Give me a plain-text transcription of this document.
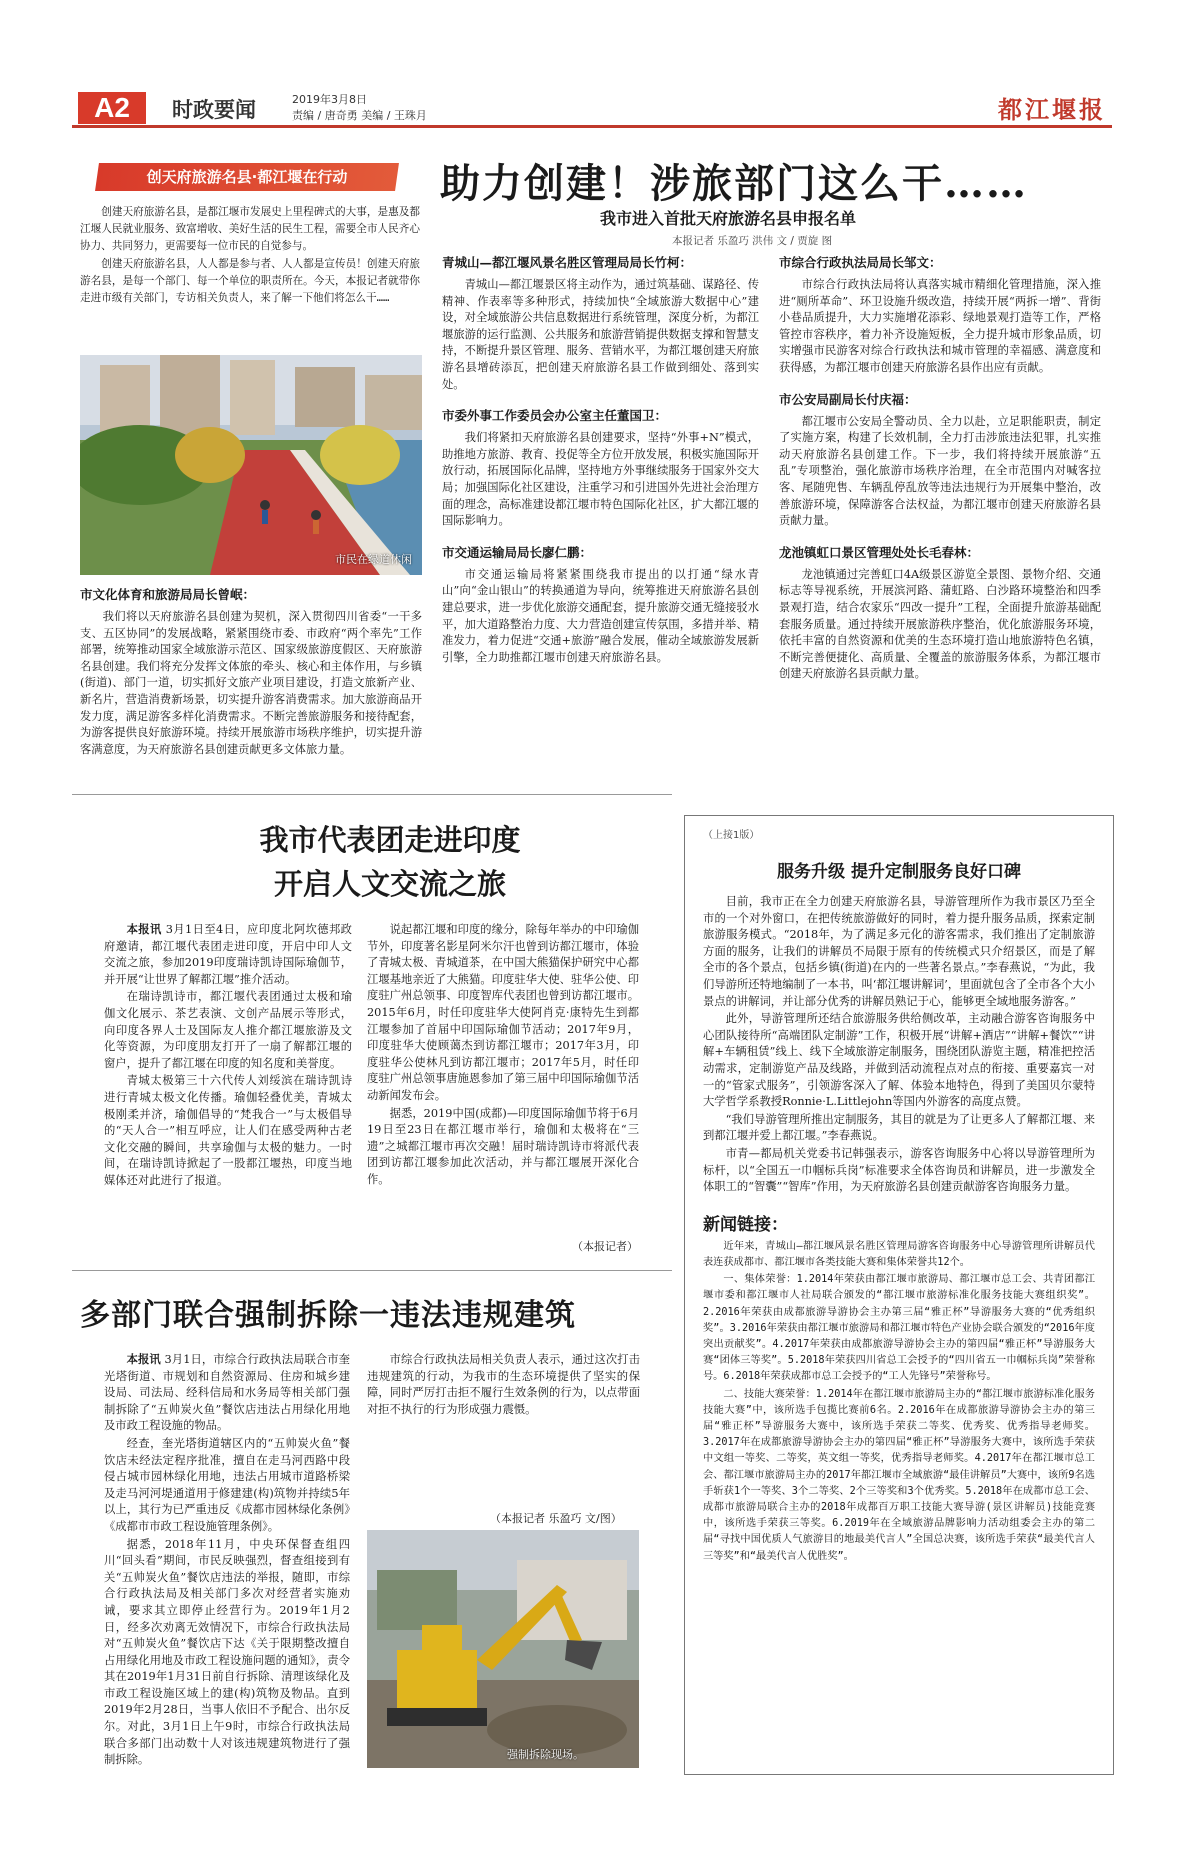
A2	时政要闻	2019年3月8日
责编 / 唐奇勇 美编 / 王珠月	都江堰报
创天府旅游名县·都江堰在行动

创建天府旅游名县，是都江堰市发展史上里程碑式的大事，是惠及都江堰人民就业服务、致富增收、美好生活的民生工程，需要全市人民齐心协力、共同努力，更需要每一位市民的自觉参与。

创建天府旅游名县，人人都是参与者、人人都是宣传员！创建天府旅游名县，是每一个部门、每一个单位的职责所在。今天，本报记者就带你走进市级有关部门，专访相关负责人，来了解一下他们将怎么干……

市民在绿道休闲
助力创建！涉旅部门这么干……
我市进入首批天府旅游名县申报名单
本报记者 乐盈巧 洪伟 文 / 贾旋 图
市文化体育和旅游局局长曾岷：

我们将以天府旅游名县创建为契机，深入贯彻四川省委“一干多支、五区协同”的发展战略，紧紧围绕市委、市政府“两个率先”工作部署，统筹推动国家全域旅游示范区、国家级旅游度假区、天府旅游名县创建。我们将充分发挥文体旅的牵头、核心和主体作用，与乡镇(街道)、部门一道，切实抓好文旅产业项目建设，打造文旅新产业、新名片，营造消费新场景，切实提升游客消费需求。加大旅游商品开发力度，满足游客多样化消费需求。不断完善旅游服务和接待配套，为游客提供良好旅游环境。持续开展旅游市场秩序维护，切实提升游客满意度，为天府旅游名县创建贡献更多文体旅力量。

青城山—都江堰风景名胜区管理局局长竹柯：

青城山—都江堰景区将主动作为，通过筑基础、谋路径、传精神、作表率等多种形式，持续加快“全域旅游大数据中心”建设，对全域旅游公共信息数据进行系统管理，深度分析，为都江堰旅游的运行监测、公共服务和旅游营销提供数据支撑和智慧支持，不断提升景区管理、服务、营销水平，为都江堰创建天府旅游名县增砖添瓦，把创建天府旅游名县工作做到细处、落到实处。

市委外事工作委员会办公室主任董国卫：

我们将紧扣天府旅游名县创建要求，坚持“外事+N”模式，助推地方旅游、教育、投促等全方位开放发展，积极实施国际开放行动，拓展国际化品牌，坚持地方外事继续服务于国家外交大局；加强国际化社区建设，注重学习和引进国外先进社会治理方面的理念，高标准建设都江堰市特色国际化社区，扩大都江堰的国际影响力。

市交通运输局局长廖仁鹏：

市交通运输局将紧紧围绕我市提出的以打通“绿水青山”向“金山银山”的转换通道为导向，统筹推进天府旅游名县创建总要求，进一步优化旅游交通配套，提升旅游交通无缝接驳水平，加大道路整治力度、大力营造创建宣传氛围，多措并举、精准发力，着力促进“交通+旅游”融合发展，催动全域旅游发展新引擎，全力助推都江堰市创建天府旅游名县。

市综合行政执法局局长邹文：

市综合行政执法局将认真落实城市精细化管理措施，深入推进“厕所革命”、环卫设施升级改造，持续开展“两拆一增”、背街小巷品质提升，大力实施增花添彩、绿地景观打造等工作，严格管控市容秩序，着力补齐设施短板，全力提升城市形象品质，切实增强市民游客对综合行政执法和城市管理的幸福感、满意度和获得感，为都江堰市创建天府旅游名县作出应有贡献。

市公安局副局长付庆福：

都江堰市公安局全警动员、全力以赴，立足职能职责，制定了实施方案，构建了长效机制，全力打击涉旅违法犯罪，扎实推动天府旅游名县创建工作。下一步，我们将持续开展旅游“五乱”专项整治，强化旅游市场秩序治理，在全市范围内对喊客拉客、尾随兜售、车辆乱停乱放等违法违规行为开展集中整治，改善旅游环境，保障游客合法权益，为都江堰市创建天府旅游名县贡献力量。

龙池镇虹口景区管理处处长毛春林：

龙池镇通过完善虹口4A级景区游览全景图、景物介绍、交通标志等导视系统，开展滨河路、蒲虹路、白沙路环境整治和四季景观打造，结合农家乐“四改一提升”工程，全面提升旅游基础配套服务质量。通过持续开展旅游秩序整治，优化旅游服务环境，依托丰富的自然资源和优美的生态环境打造山地旅游特色名镇，不断完善便捷化、高质量、全覆盖的旅游服务体系，为都江堰市创建天府旅游名县贡献力量。

我市代表团走进印度
开启人文交流之旅

本报讯 3月1日至4日，应印度北阿坎德邦政府邀请，都江堰代表团走进印度，开启中印人文交流之旅，参加2019印度瑞诗凯诗国际瑜伽节，并开展“让世界了解都江堰”推介活动。

在瑞诗凯诗市，都江堰代表团通过太极和瑜伽文化展示、茶艺表演、文创产品展示等形式，向印度各界人士及国际友人推介都江堰旅游及文化等资源，为印度朋友打开了一扇了解都江堰的窗户，提升了都江堰在印度的知名度和美誉度。

青城太极第三十六代传人刘绥滨在瑞诗凯诗进行青城太极文化传播。瑜伽轻叠优美，青城太极刚柔并济，瑜伽倡导的“梵我合一”与太极倡导的“天人合一”相互呼应，让人们在感受两种古老文化交融的瞬间，共享瑜伽与太极的魅力。一时间，在瑞诗凯诗掀起了一股都江堰热，印度当地媒体还对此进行了报道。

说起都江堰和印度的缘分，除每年举办的中印瑜伽节外，印度著名影星阿米尔汗也曾到访都江堰市，体验了青城太极、青城道茶，在中国大熊猫保护研究中心都江堰基地亲近了大熊猫。印度驻华大使、驻华公使、印度驻广州总领事、印度智库代表团也曾到访都江堰市。2015年6月，时任印度驻华大使阿肖克·康特先生到都江堰参加了首届中印国际瑜伽节活动；2017年9月，印度驻华大使顾蔼杰到访都江堰市；2017年3月，印度驻华公使林凡到访都江堰市；2017年5月，时任印度驻广州总领事唐施恩参加了第三届中印国际瑜伽节活动新闻发布会。

据悉，2019中国(成都)—印度国际瑜伽节将于6月19日至23日在都江堰市举行，瑜伽和太极将在“三遗”之城都江堰市再次交融！届时瑞诗凯诗市将派代表团到访都江堰参加此次活动，并与都江堰展开深化合作。

（本报记者）
多部门联合强制拆除一违法违规建筑

本报讯 3月1日，市综合行政执法局联合市奎光塔街道、市规划和自然资源局、住房和城乡建设局、司法局、经科信局和水务局等相关部门强制拆除了“五帅炭火鱼”餐饮店违法占用绿化用地及市政工程设施的物品。

经查，奎光塔街道辖区内的“五帅炭火鱼”餐饮店未经法定程序批准，擅自在走马河西路中段侵占城市园林绿化用地，违法占用城市道路桥梁及走马河河堤通道用于修建建(构)筑物并持续5年以上，其行为已严重违反《成都市园林绿化条例》《成都市市政工程设施管理条例》。

据悉，2018年11月，中央环保督查组四川“回头看”期间，市民反映强烈，督查组接到有关“五帅炭火鱼”餐饮店违法的举报，随即，市综合行政执法局及相关部门多次对经营者实施劝诫，要求其立即停止经营行为。2019年1月2日，经多次劝离无效情况下，市综合行政执法局对“五帅炭火鱼”餐饮店下达《关于限期整改擅自占用绿化用地及市政工程设施问题的通知》，责令其在2019年1月31日前自行拆除、清理该绿化及市政工程设施区域上的建(构)筑物及物品。直到2019年2月28日，当事人依旧不予配合、出尔反尔。对此，3月1日上午9时，市综合行政执法局联合多部门出动数十人对该违规建筑物进行了强制拆除。

市综合行政执法局相关负责人表示，通过这次打击违规建筑的行动，为我市的生态环境提供了坚实的保障，同时严厉打击拒不履行生效条例的行为，以点带面对拒不执行的行为形成强力震慑。

（本报记者 乐盈巧 文/图）
强制拆除现场。
（上接1版）
服务升级 提升定制服务良好口碑

目前，我市正在全力创建天府旅游名县，导游管理所作为我市景区乃至全市的一个对外窗口，在把传统旅游做好的同时，着力提升服务品质，探索定制旅游服务模式。“2018年，为了满足多元化的游客需求，我们推出了定制旅游方面的服务，让我们的讲解员不局限于原有的传统模式只介绍景区，而是了解全市的各个景点，包括乡镇(街道)在内的一些著名景点。”李春燕说，“为此，我们导游所还特地编制了一本书，叫‘都江堰讲解词’，里面就包含了全市各个大小景点的讲解词，并让部分优秀的讲解员熟记于心，能够更全域地服务游客。”

此外，导游管理所还结合旅游服务供给侧改革，主动融合游客咨询服务中心团队接待所“高端团队定制游”工作，积极开展“讲解+酒店”“讲解+餐饮”“讲解+车辆租赁”线上、线下全域旅游定制服务，围绕团队游览主题，精准把控活动需求，定制游览产品及线路，并做到活动流程点对点的衔接、重要嘉宾一对一的“管家式服务”，引领游客深入了解、体验本地特色，得到了美国贝尔蒙特大学哲学系教授Ronnie·L.Littlejohn等国内外游客的高度点赞。

“我们导游管理所推出定制服务，其目的就是为了让更多人了解都江堰、来到都江堰并爱上都江堰。”李春燕说。

市青—都局机关党委书记韩强表示，游客咨询服务中心将以导游管理所为标杆，以“全国五一巾帼标兵岗”标准要求全体咨询员和讲解员，进一步激发全体职工的“智囊”“智库”作用，为天府旅游名县创建贡献游客咨询服务力量。

新闻链接：

近年来，青城山—都江堰风景名胜区管理局游客咨询服务中心导游管理所讲解员代表连获成都市、都江堰市各类技能大赛和集体荣誉共12个。

一、集体荣誉：1.2014年荣获由都江堰市旅游局、都江堰市总工会、共青团都江堰市委和都江堰市人社局联合颁发的“都江堰市旅游标准化服务技能大赛组织奖”。2.2016年荣获由成都旅游导游协会主办第三届“雅正杯”导游服务大赛的“优秀组织奖”。3.2016年荣获由都江堰市旅游局和都江堰市特色产业协会联合颁发的“2016年度突出贡献奖”。4.2017年荣获由成都旅游导游协会主办的第四届“雅正杯”导游服务大赛“团体三等奖”。5.2018年荣获四川省总工会授予的“四川省五一巾帼标兵岗”荣誉称号。6.2018年荣获成都市总工会授予的“工人先锋号”荣誉称号。

二、技能大赛荣誉：1.2014年在都江堰市旅游局主办的“都江堰市旅游标准化服务技能大赛”中，该所选手包揽比赛前6名。2.2016年在成都旅游导游协会主办的第三届“雅正杯”导游服务大赛中，该所选手荣获二等奖、优秀奖、优秀指导老师奖。3.2017年在成都旅游导游协会主办的第四届“雅正杯”导游服务大赛中，该所选手荣获中文组一等奖、二等奖，英文组一等奖，优秀指导老师奖。4.2017年在都江堰市总工会、都江堰市旅游局主办的2017年都江堰市全域旅游“最佳讲解员”大赛中，该所9名选手斩获1个一等奖、3个二等奖、2个三等奖和3个优秀奖。5.2018年在成都市总工会、成都市旅游局联合主办的2018年成都百万职工技能大赛导游(景区讲解员)技能竞赛中，该所选手荣获三等奖。6.2019年在全域旅游品牌影响力活动组委会主办的第二届“寻找中国优质人气旅游目的地最美代言人”全国总决赛，该所选手荣获“最美代言人三等奖”和“最美代言人优胜奖”。
